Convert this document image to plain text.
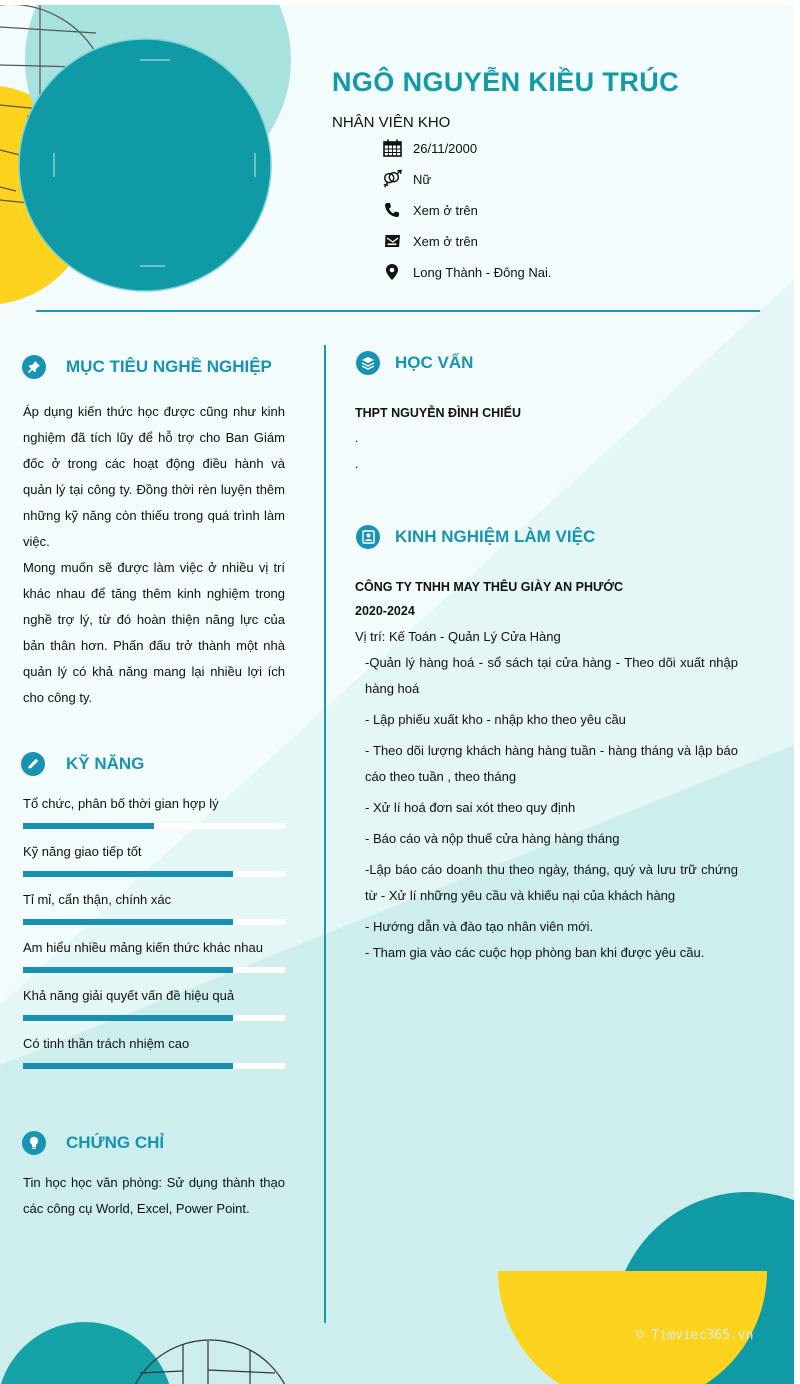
NGÔ NGUYỄN KIỀU TRÚC
NHÂN VIÊN KHO
26/11/2000
Nữ
Xem ở trên
Xem ở trên
Long Thành - Đông Nai.
MỤC TIÊU NGHỀ NGHIỆP
Áp dụng kiến thức học được cũng như kinh nghiệm đã tích lũy để hỗ trợ cho Ban Giám đốc ở trong các hoạt động điều hành và quản lý tại công ty. Đồng thời rèn luyện thêm những kỹ năng còn thiếu trong quá trình làm việc.
Mong muốn sẽ được làm việc ở nhiều vị trí khác nhau để tăng thêm kinh nghiệm trong nghề trợ lý, từ đó hoàn thiện năng lực của bản thân hơn. Phấn đấu trở thành một nhà quản lý có khả năng mang lại nhiều lợi ích cho công ty.
KỸ NĂNG
Tổ chức, phân bố thời gian hợp lý
Kỹ năng giao tiếp tốt
Tỉ mỉ, cẩn thận, chính xác
Am hiểu nhiều mảng kiến thức khác nhau
Khả năng giải quyết vấn đề hiệu quả
Có tinh thần trách nhiệm cao
CHỨNG CHỈ
Tin học học văn phòng: Sử dụng thành thạo các công cụ World, Excel, Power Point.
HỌC VẤN
THPT NGUYỄN ĐÌNH CHIẾU
.
.
KINH NGHIỆM LÀM VIỆC
CÔNG TY TNHH MAY THÊU GIÀY AN PHƯỚC
2020-2024
Vị trí: Kế Toán - Quản Lý Cửa Hàng
-Quản lý hàng hoá - sổ sách tại cửa hàng - Theo dõi xuất nhập hàng hoá
- Lập phiếu xuất kho - nhập kho theo yêu cầu
- Theo dõi lượng khách hàng hàng tuần - hàng tháng và lập báo cáo theo tuần , theo tháng
- Xử lí hoá đơn sai xót theo quy định
- Báo cáo và nộp thuế cửa hàng hàng tháng
-Lập báo cáo doanh thu theo ngày, tháng, quý và lưu trữ chứng từ - Xử lí những yêu cầu và khiếu nại của khách hàng
- Hướng dẫn và đào tạo nhân viên mới.
- Tham gia vào các cuộc họp phòng ban khi được yêu cầu.
© Timviec365.vn
